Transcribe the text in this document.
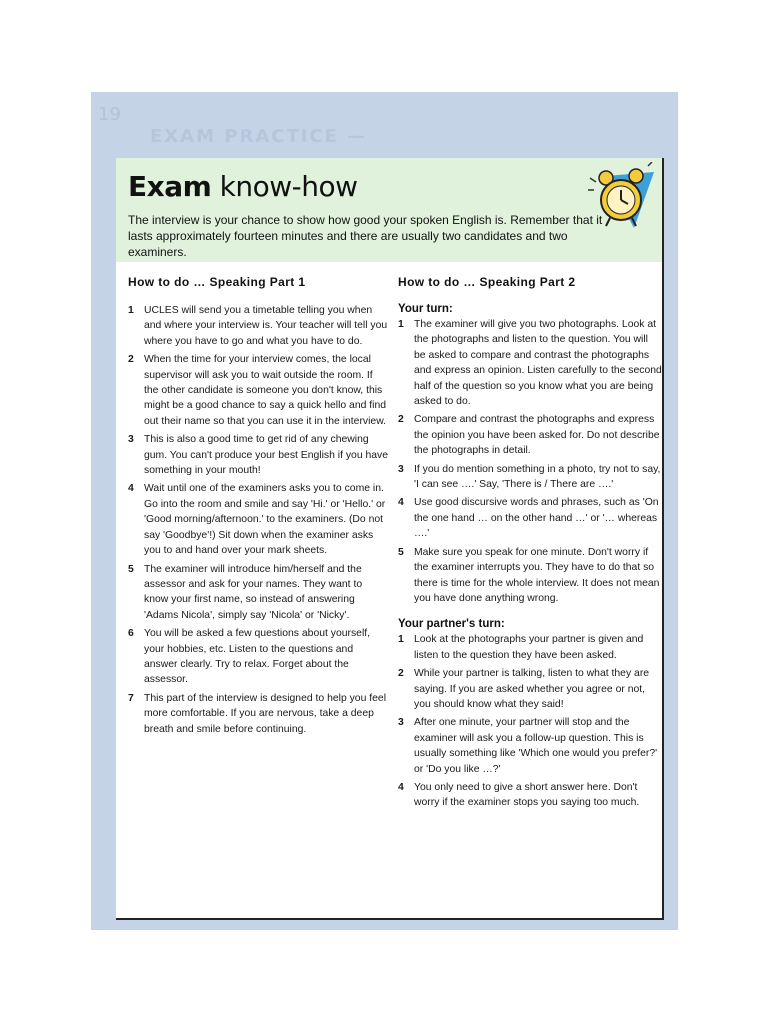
19
EXAM PRACTICE —
Exam know-how

The interview is your chance to show how good your spoken English is. Remember that it lasts approximately fourteen minutes and there are usually two candidates and two examiners.

How to do … Speaking Part 1
1 UCLES will send you a timetable telling you when and where your interview is. Your teacher will tell you where you have to go and what you have to do.
2 When the time for your interview comes, the local supervisor will ask you to wait outside the room. If the other candidate is someone you don't know, this might be a good chance to say a quick hello and find out their name so that you can use it in the interview.
3 This is also a good time to get rid of any chewing gum. You can't produce your best English if you have something in your mouth!
4 Wait until one of the examiners asks you to come in. Go into the room and smile and say 'Hi.' or 'Hello.' or 'Good morning/afternoon.' to the examiners. (Do not say 'Goodbye'!) Sit down when the examiner asks you to and hand over your mark sheets.
5 The examiner will introduce him/herself and the assessor and ask for your names. They want to know your first name, so instead of answering 'Adams Nicola', simply say 'Nicola' or 'Nicky'.
6 You will be asked a few questions about yourself, your hobbies, etc. Listen to the questions and answer clearly. Try to relax. Forget about the assessor.
7 This part of the interview is designed to help you feel more comfortable. If you are nervous, take a deep breath and smile before continuing.
How to do … Speaking Part 2
Your turn:
1 The examiner will give you two photographs. Look at the photographs and listen to the question. You will be asked to compare and contrast the photographs and express an opinion. Listen carefully to the second half of the question so you know what you are being asked to do.
2 Compare and contrast the photographs and express the opinion you have been asked for. Do not describe the photographs in detail.
3 If you do mention something in a photo, try not to say, 'I can see ….' Say, 'There is / There are ….'
4 Use good discursive words and phrases, such as 'On the one hand … on the other hand …' or '… whereas ….'
5 Make sure you speak for one minute. Don't worry if the examiner interrupts you. They have to do that so there is time for the whole interview. It does not mean you have done anything wrong.
Your partner's turn:
1 Look at the photographs your partner is given and listen to the question they have been asked.
2 While your partner is talking, listen to what they are saying. If you are asked whether you agree or not, you should know what they said!
3 After one minute, your partner will stop and the examiner will ask you a follow-up question. This is usually something like 'Which one would you prefer?' or 'Do you like …?'
4 You only need to give a short answer here. Don't worry if the examiner stops you saying too much.
